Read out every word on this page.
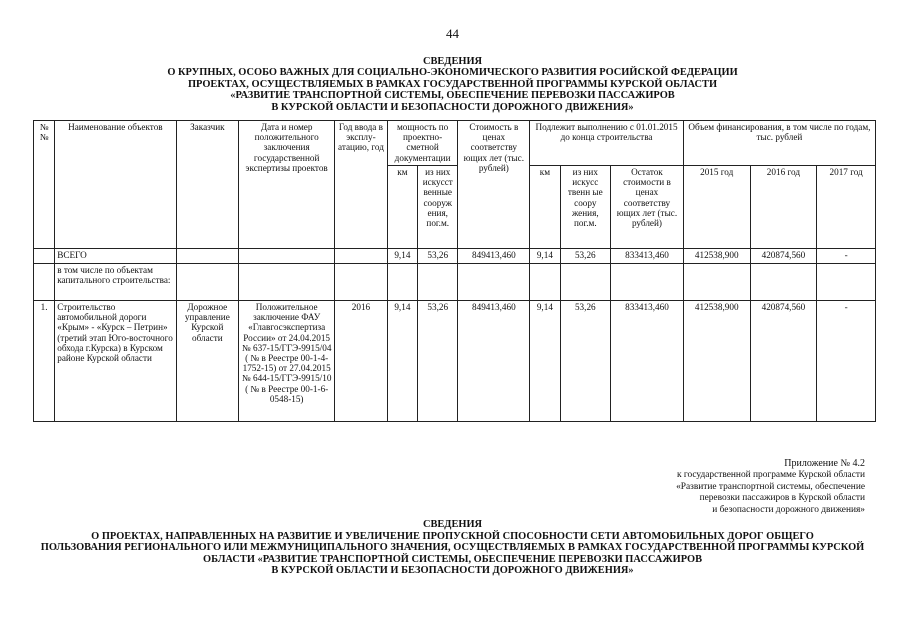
44
СВЕДЕНИЯ
О КРУПНЫХ, ОСОБО ВАЖНЫХ ДЛЯ СОЦИАЛЬНО-ЭКОНОМИЧЕСКОГО РАЗВИТИЯ РОСИЙСКОЙ ФЕДЕРАЦИИ
ПРОЕКТАХ, ОСУЩЕСТВЛЯЕМЫХ В РАМКАХ ГОСУДАРСТВЕННОЙ ПРОГРАММЫ КУРСКОЙ ОБЛАСТИ
«РАЗВИТИЕ ТРАНСПОРТНОЙ СИСТЕМЫ, ОБЕСПЕЧЕНИЕ ПЕРЕВОЗКИ ПАССАЖИРОВ
В КУРСКОЙ ОБЛАСТИ И БЕЗОПАСНОСТИ ДОРОЖНОГО ДВИЖЕНИЯ»
№ №	Наименование объектов	Заказчик	Дата и номер положительного заключения государственной экспертизы проектов	Год ввода в эксплу-атацию, год	мощность по проектно-сметной документации		Стоимость в ценах соответству ющих лет (тыс. рублей)	Подлежит выполнению с 01.01.2015 до конца строительства			Объем финансирования, в том числе по годам, тыс. рублей		
					км	из них искусст венные сооруж ения, пог.м.		км	из них искусс твенн ые соору жения, пог.м.	Остаток стоимости в ценах соответству ющих лет (тыс. рублей)	2015 год	2016 год	2017 год
	ВСЕГО				9,14	53,26	849413,460	9,14	53,26	833413,460	412538,900	420874,560	-
	в том числе по объектам капитального строительства:												
1.	Строительство автомобильной дороги «Крым» - «Курск – Петрин» (третий этап Юго-восточного обхода г.Курска) в Курском районе Курской области	Дорожное управление Курской области	Положительное заключение ФАУ «Главгосэкспертиза России» от 24.04.2015 № 637-15/ГГЭ-9915/04 ( № в Реестре 00-1-4-1752-15) от 27.04.2015 № 644-15/ГГЭ-9915/10 ( № в Реестре 00-1-6-0548-15)	2016	9,14	53,26	849413,460	9,14	53,26	833413,460	412538,900	420874,560	-
Приложение № 4.2
к государственной программе Курской области
«Развитие транспортной системы, обеспечение
перевозки пассажиров в Курской области
и безопасности дорожного движения»
СВЕДЕНИЯ
О ПРОЕКТАХ, НАПРАВЛЕННЫХ НА РАЗВИТИЕ И УВЕЛИЧЕНИЕ ПРОПУСКНОЙ СПОСОБНОСТИ СЕТИ АВТОМОБИЛЬНЫХ ДОРОГ ОБЩЕГО
ПОЛЬЗОВАНИЯ РЕГИОНАЛЬНОГО ИЛИ МЕЖМУНИЦИПАЛЬНОГО ЗНАЧЕНИЯ, ОСУЩЕСТВЛЯЕМЫХ В РАМКАХ ГОСУДАРСТВЕННОЙ ПРОГРАММЫ КУРСКОЙ
ОБЛАСТИ «РАЗВИТИЕ ТРАНСПОРТНОЙ СИСТЕМЫ, ОБЕСПЕЧЕНИЕ ПЕРЕВОЗКИ ПАССАЖИРОВ
В КУРСКОЙ ОБЛАСТИ И БЕЗОПАСНОСТИ ДОРОЖНОГО ДВИЖЕНИЯ»
